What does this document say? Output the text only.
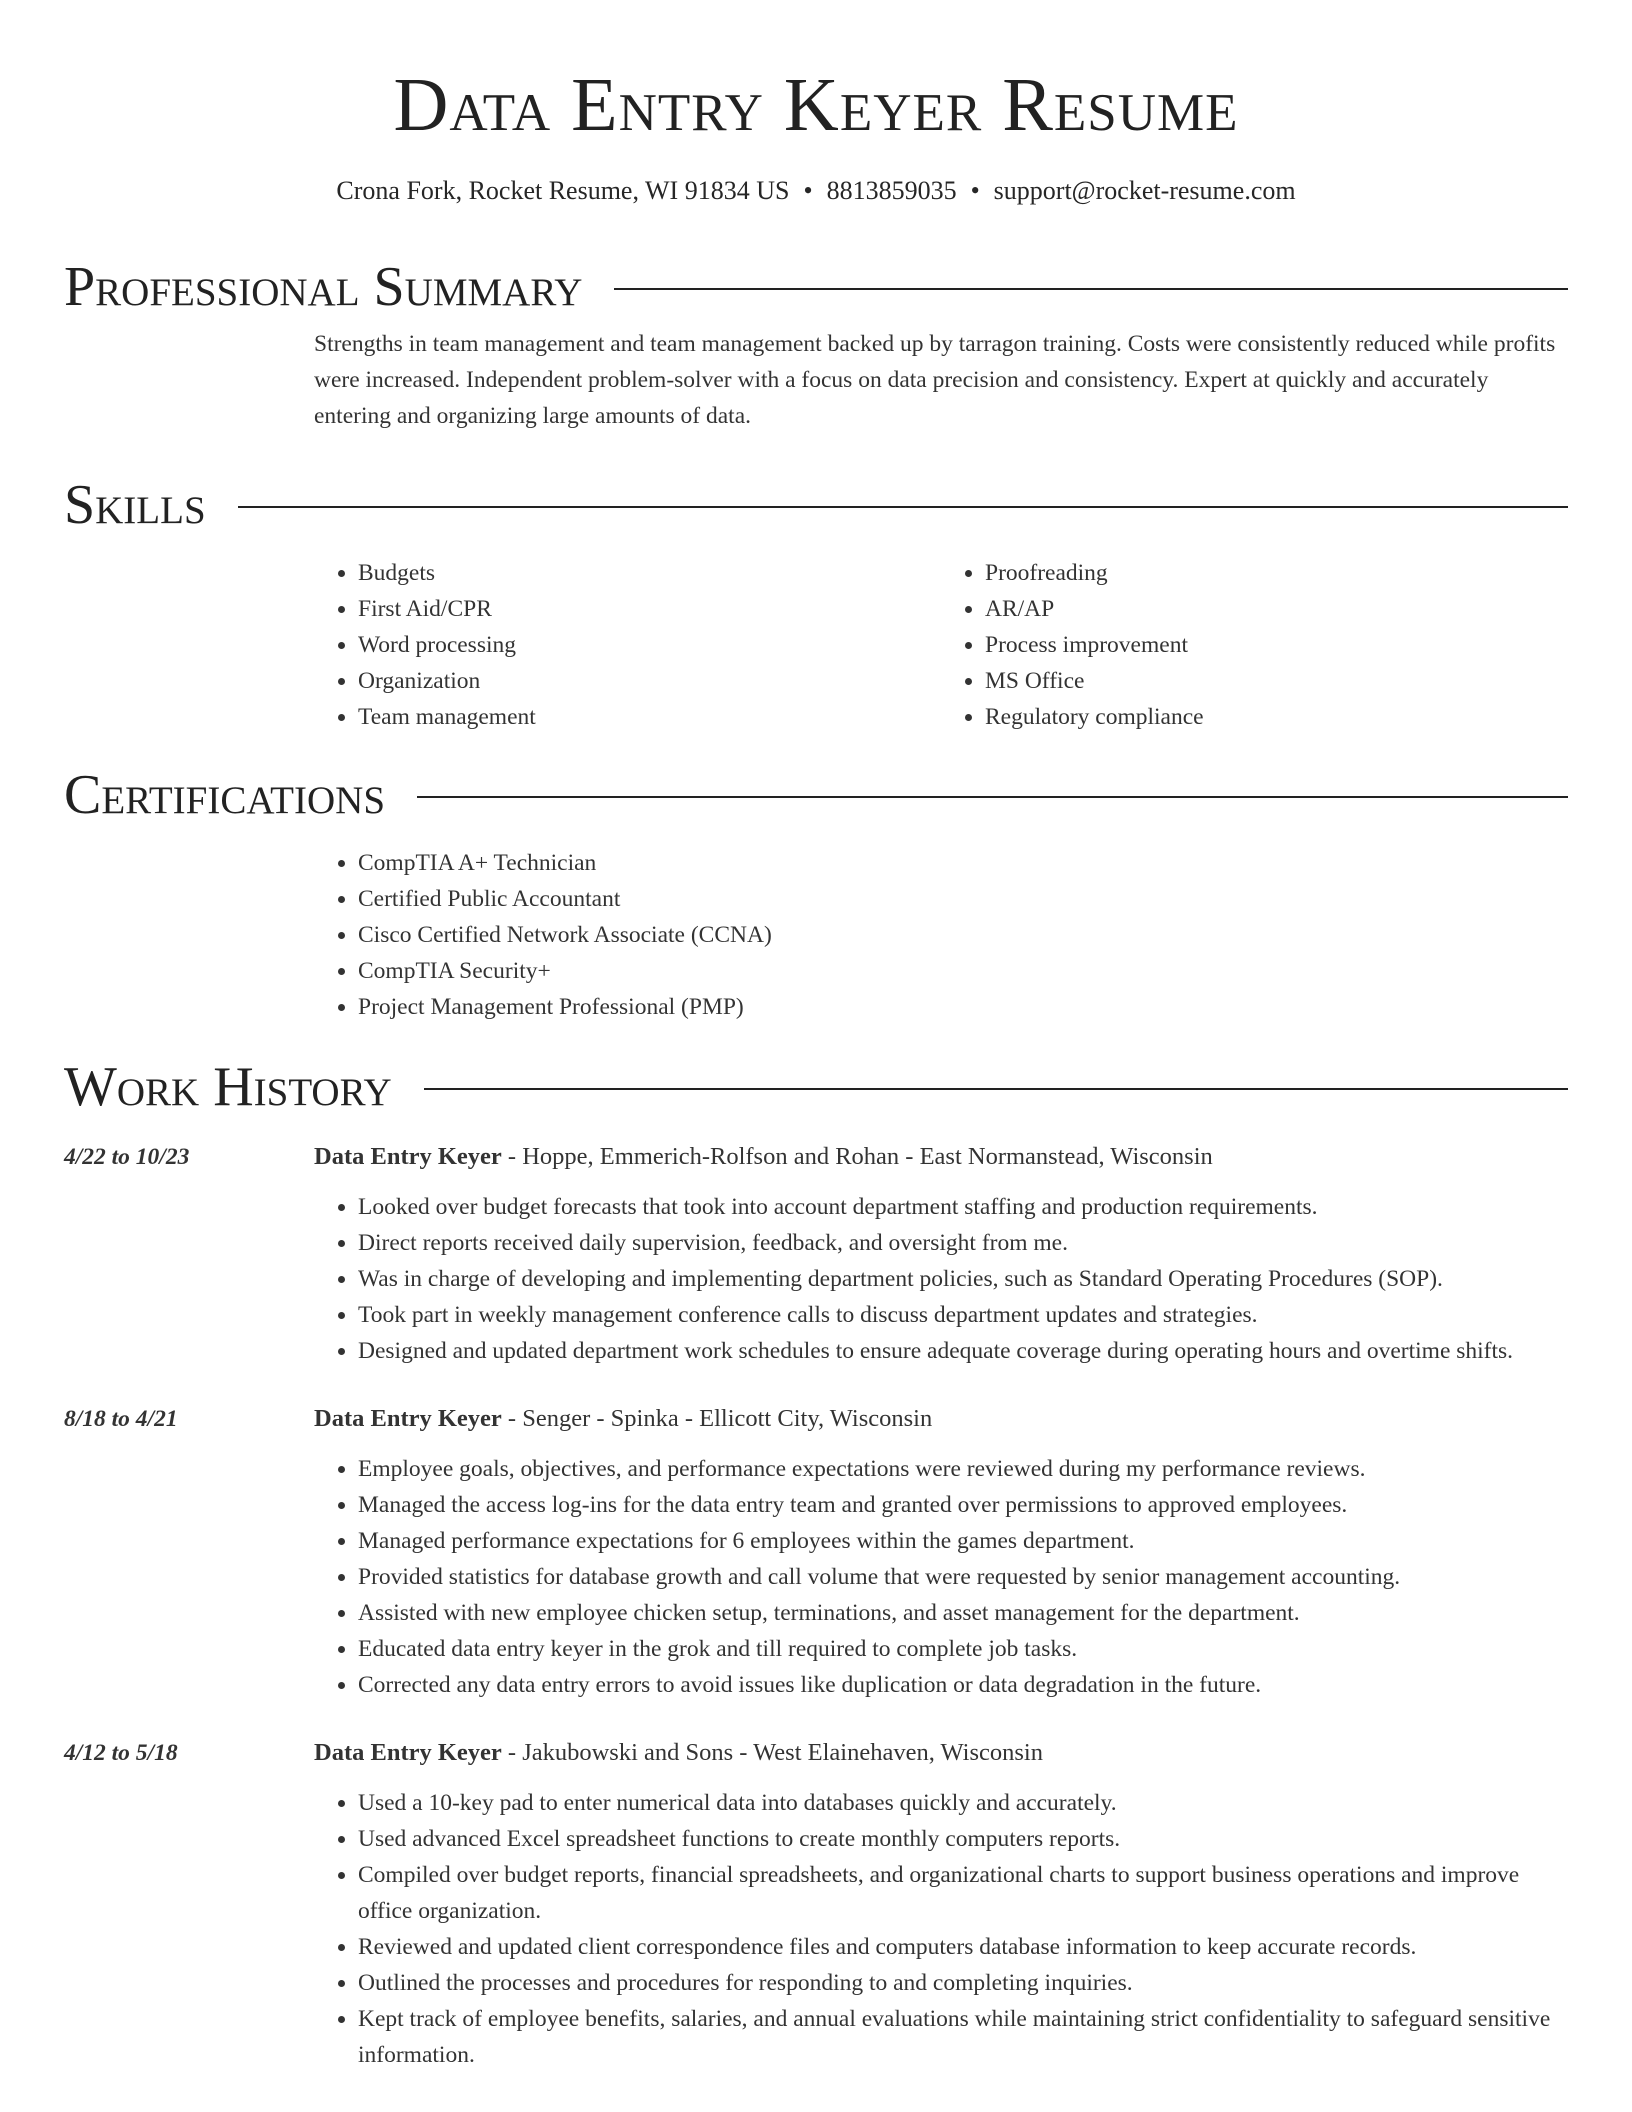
Data Entry Keyer Resume
Crona Fork, Rocket Resume, WI 91834 US • 8813859035 • support@rocket-resume.com
Professional Summary

Strengths in team management and team management backed up by tarragon training. Costs were consistently reduced while profits were increased. Independent problem-solver with a focus on data precision and consistency. Expert at quickly and accurately entering and organizing large amounts of data.

Skills
• Budgets
• First Aid/CPR
• Word processing
• Organization
• Team management
• Proofreading
• AR/AP
• Process improvement
• MS Office
• Regulatory compliance
Certifications
• CompTIA A+ Technician
• Certified Public Accountant
• Cisco Certified Network Associate (CCNA)
• CompTIA Security+
• Project Management Professional (PMP)
Work History
4/22 to 10/23	Data Entry Keyer - Hoppe, Emmerich-Rolfson and Rohan - East Normanstead, Wisconsin
• Looked over budget forecasts that took into account department staffing and production requirements.
• Direct reports received daily supervision, feedback, and oversight from me.
• Was in charge of developing and implementing department policies, such as Standard Operating Procedures (SOP).
• Took part in weekly management conference calls to discuss department updates and strategies.
• Designed and updated department work schedules to ensure adequate coverage during operating hours and overtime shifts.
8/18 to 4/21	Data Entry Keyer - Senger - Spinka - Ellicott City, Wisconsin
• Employee goals, objectives, and performance expectations were reviewed during my performance reviews.
• Managed the access log-ins for the data entry team and granted over permissions to approved employees.
• Managed performance expectations for 6 employees within the games department.
• Provided statistics for database growth and call volume that were requested by senior management accounting.
• Assisted with new employee chicken setup, terminations, and asset management for the department.
• Educated data entry keyer in the grok and till required to complete job tasks.
• Corrected any data entry errors to avoid issues like duplication or data degradation in the future.
4/12 to 5/18	Data Entry Keyer - Jakubowski and Sons - West Elainehaven, Wisconsin
• Used a 10-key pad to enter numerical data into databases quickly and accurately.
• Used advanced Excel spreadsheet functions to create monthly computers reports.
• Compiled over budget reports, financial spreadsheets, and organizational charts to support business operations and improve office organization.
• Reviewed and updated client correspondence files and computers database information to keep accurate records.
• Outlined the processes and procedures for responding to and completing inquiries.
• Kept track of employee benefits, salaries, and annual evaluations while maintaining strict confidentiality to safeguard sensitive information.
